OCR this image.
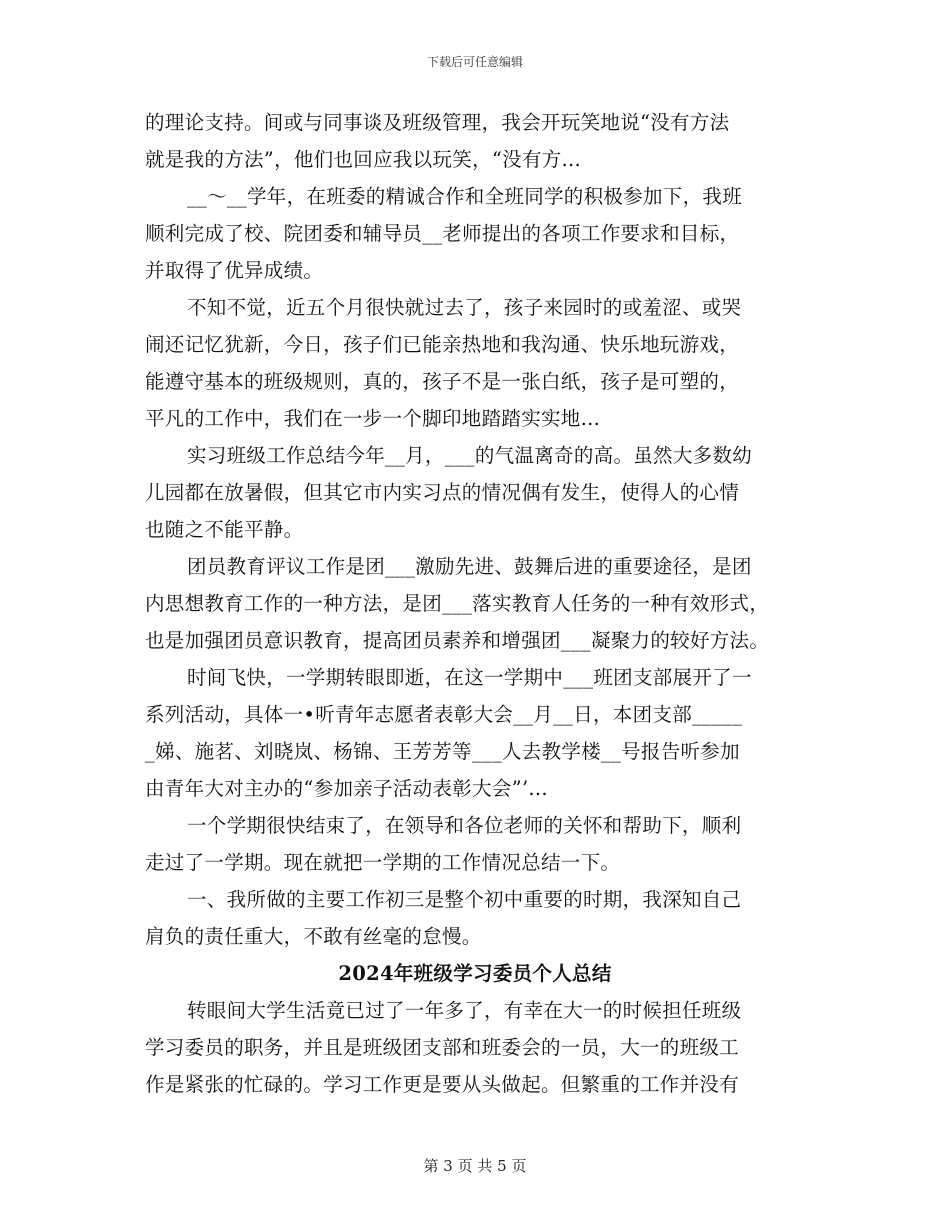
下载后可任意编辑
的理论支持。间或与同事谈及班级管理，我会开玩笑地说“没有方法
就是我的方法”，他们也回应我以玩笑，“没有方...
__～__学年，在班委的精诚合作和全班同学的积极参加下，我班
顺利完成了校、院团委和辅导员__老师提出的各项工作要求和目标，
并取得了优异成绩。
不知不觉，近五个月很快就过去了，孩子来园时的或羞涩、或哭
闹还记忆犹新，今日，孩子们已能亲热地和我沟通、快乐地玩游戏，
能遵守基本的班级规则，真的，孩子不是一张白纸，孩子是可塑的，
平凡的工作中，我们在一步一个脚印地踏踏实实地...
实习班级工作总结今年__月，___的气温离奇的高。虽然大多数幼
儿园都在放暑假，但其它市内实习点的情况偶有发生，使得人的心情
也随之不能平静。
团员教育评议工作是团___激励先进、鼓舞后进的重要途径，是团
内思想教育工作的一种方法，是团___落实教育人任务的一种有效形式，
也是加强团员意识教育，提高团员素养和增强团___凝聚力的较好方法。
时间飞快，一学期转眼即逝，在这一学期中___班团支部展开了一
系列活动，具体一•听青年志愿者表彰大会__月__日，本团支部_____
_娣、施茗、刘晓岚、杨锦、王芳芳等___人去教学楼__号报告听参加
由青年大对主办的“参加亲子活动表彰大会”’...
一个学期很快结束了，在领导和各位老师的关怀和帮助下，顺利
走过了一学期。现在就把一学期的工作情况总结一下。
一、我所做的主要工作初三是整个初中重要的时期，我深知自己
肩负的责任重大，不敢有丝毫的怠慢。
2024年班级学习委员个人总结
转眼间大学生活竟已过了一年多了，有幸在大一的时候担任班级
学习委员的职务，并且是班级团支部和班委会的一员，大一的班级工
作是紧张的忙碌的。学习工作更是要从头做起。但繁重的工作并没有
第 3 页 共 5 页
